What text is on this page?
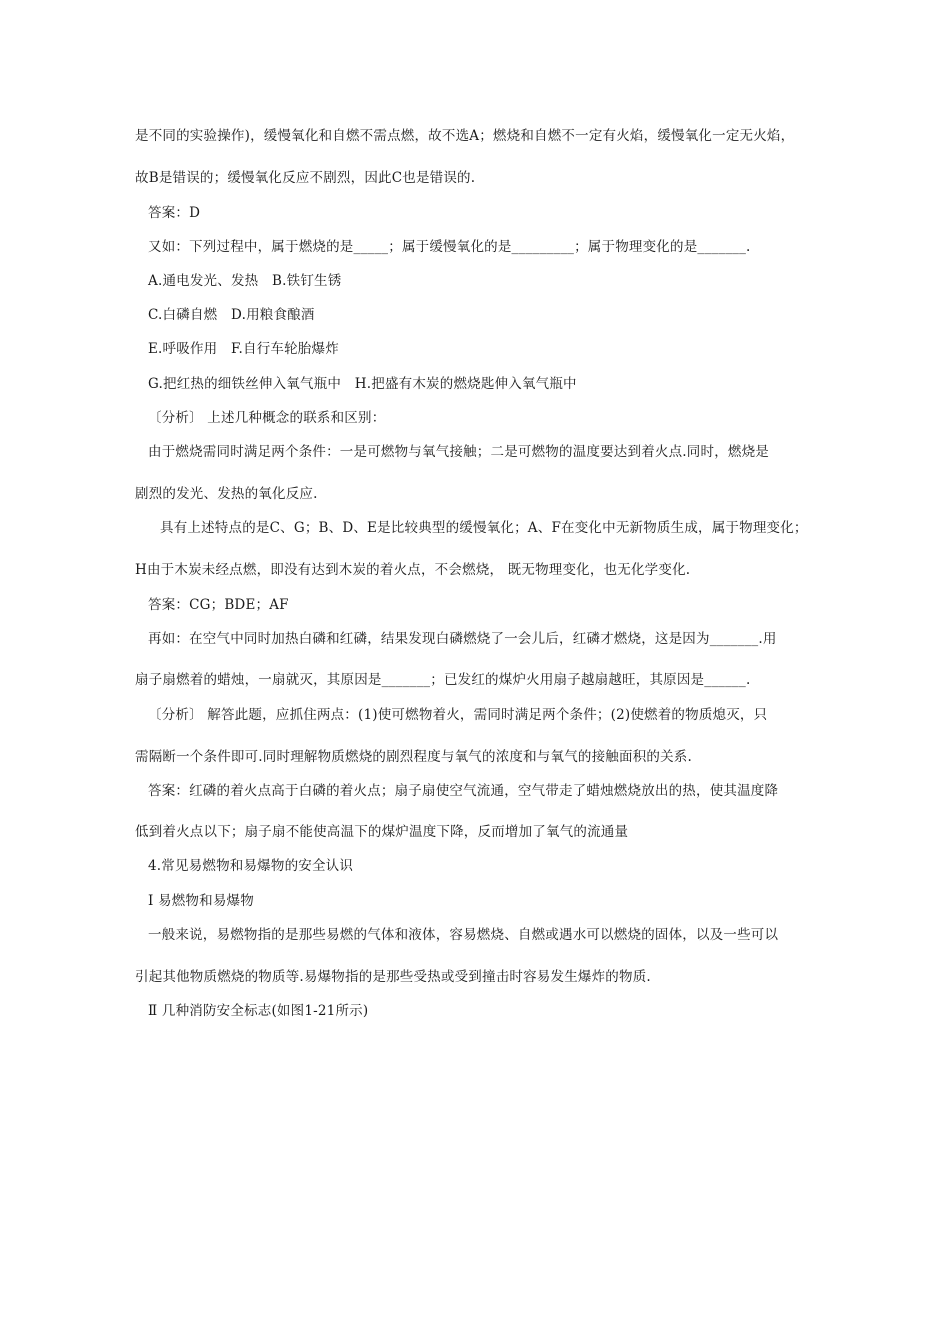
是不同的实验操作)，缓慢氧化和自燃不需点燃，故不选A；燃烧和自燃不一定有火焰，缓慢氧化一定无火焰，
故B是错误的；缓慢氧化反应不剧烈，因此C也是错误的.
答案：D
又如：下列过程中，属于燃烧的是_____；属于缓慢氧化的是_________；属于物理变化的是_______.
A.通电发光、发热　B.铁钉生锈
C.白磷自燃　D.用粮食酿酒
E.呼吸作用　F.自行车轮胎爆炸
G.把红热的细铁丝伸入氧气瓶中　H.把盛有木炭的燃烧匙伸入氧气瓶中
〔分析〕 上述几种概念的联系和区别：
由于燃烧需同时满足两个条件：一是可燃物与氧气接触；二是可燃物的温度要达到着火点.同时，燃烧是
剧烈的发光、发热的氧化反应.
具有上述特点的是C、G；B、D、E是比较典型的缓慢氧化；A、F在变化中无新物质生成，属于物理变化；
H由于木炭未经点燃，即没有达到木炭的着火点，不会燃烧， 既无物理变化，也无化学变化.
答案：CG；BDE；AF
再如：在空气中同时加热白磷和红磷，结果发现白磷燃烧了一会儿后，红磷才燃烧，这是因为_______.用
扇子扇燃着的蜡烛，一扇就灭，其原因是_______；已发红的煤炉火用扇子越扇越旺，其原因是______.
〔分析〕 解答此题，应抓住两点：(1)使可燃物着火，需同时满足两个条件；(2)使燃着的物质熄灭，只
需隔断一个条件即可.同时理解物质燃烧的剧烈程度与氧气的浓度和与氧气的接触面积的关系.
答案：红磷的着火点高于白磷的着火点；扇子扇使空气流通，空气带走了蜡烛燃烧放出的热，使其温度降
低到着火点以下；扇子扇不能使高温下的煤炉温度下降，反而增加了氧气的流通量
4.常见易燃物和易爆物的安全认识
Ⅰ 易燃物和易爆物
一般来说，易燃物指的是那些易燃的气体和液体，容易燃烧、自燃或遇水可以燃烧的固体，以及一些可以
引起其他物质燃烧的物质等.易爆物指的是那些受热或受到撞击时容易发生爆炸的物质.
Ⅱ 几种消防安全标志(如图1-21所示)
